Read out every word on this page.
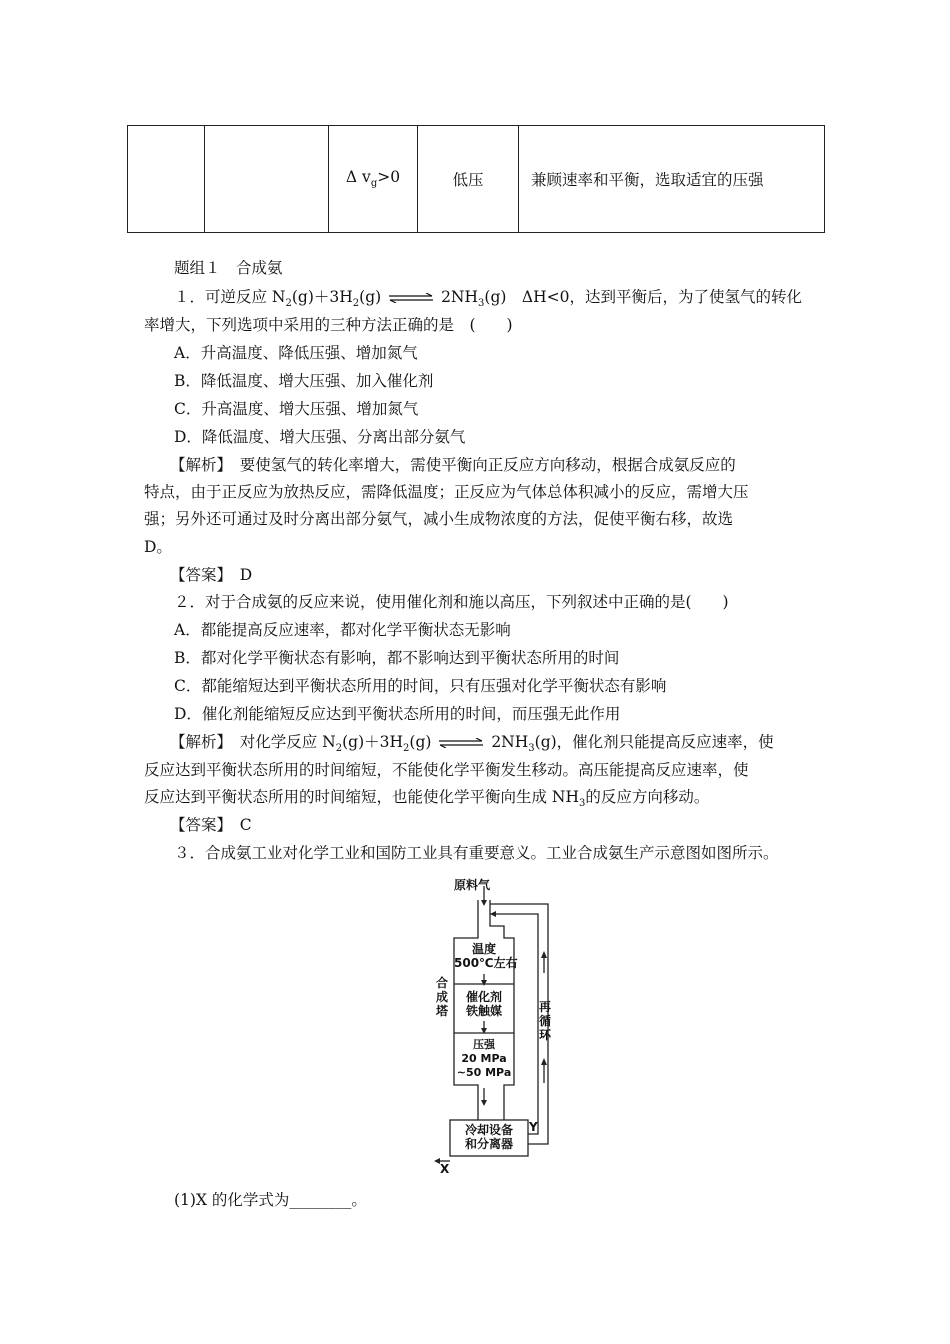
		Δ $v_g>0$	低压	兼顾速率和平衡，选取适宜的压强
题组１　合成氨
１．可逆反应 $N_2(g)+3H_2(g)$ ⇌ $2NH_3(g)$　ΔH<0，达到平衡后，为了使氢气的转化
率增大，下列选项中采用的三种方法正确的是　(　　)
A．升高温度、降低压强、增加氮气
B．降低温度、增大压强、加入催化剂
C．升高温度、增大压强、增加氮气
D．降低温度、增大压强、分离出部分氨气
【解析】　要使氢气的转化率增大，需使平衡向正反应方向移动，根据合成氨反应的
特点，由于正反应为放热反应，需降低温度；正反应为气体总体积减小的反应，需增大压
强；另外还可通过及时分离出部分氨气，减小生成物浓度的方法，促使平衡右移，故选
D。
【答案】　D
２．对于合成氨的反应来说，使用催化剂和施以高压，下列叙述中正确的是(　　)
A．都能提高反应速率，都对化学平衡状态无影响
B．都对化学平衡状态有影响，都不影响达到平衡状态所用的时间
C．都能缩短达到平衡状态所用的时间，只有压强对化学平衡状态有影响
D．催化剂能缩短反应达到平衡状态所用的时间，而压强无此作用
【解析】　对化学反应 $N_2(g)+3H_2(g)$ ⇌ $2NH_3(g)$，催化剂只能提高反应速率，使
反应达到平衡状态所用的时间缩短，不能使化学平衡发生移动。高压能提高反应速率，使
反应达到平衡状态所用的时间缩短，也能使化学平衡向生成 $NH_3$的反应方向移动。
【答案】　C
３．合成氨工业对化学工业和国防工业具有重要意义。工业合成氨生产示意图如图所示。
原料气
温度
500℃左右
催化剂
铁触媒
压强
20 MPa
~50 MPa
冷却设备
和分离器
合
成
塔	再
循
环
X
Y
(1)X 的化学式为________。
